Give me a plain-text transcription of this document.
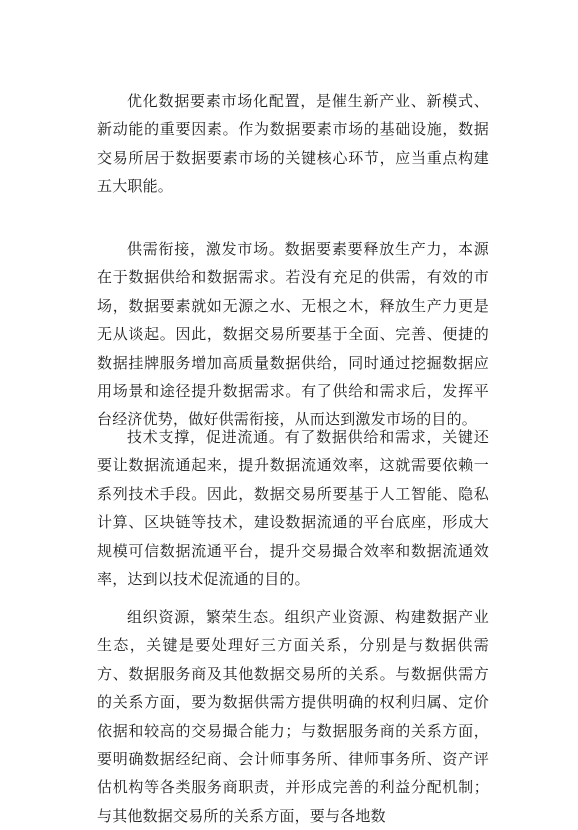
优化数据要素市场化配置，是催生新产业、新模式、新动能的重要因素。作为数据要素市场的基础设施，数据交易所居于数据要素市场的关键核心环节，应当重点构建五大职能。

供需衔接，激发市场。数据要素要释放生产力，本源在于数据供给和数据需求。若没有充足的供需，有效的市场，数据要素就如无源之水、无根之木，释放生产力更是无从谈起。因此，数据交易所要基于全面、完善、便捷的数据挂牌服务增加高质量数据供给，同时通过挖掘数据应用场景和途径提升数据需求。有了供给和需求后，发挥平台经济优势，做好供需衔接，从而达到激发市场的目的。

技术支撑，促进流通。有了数据供给和需求，关键还要让数据流通起来，提升数据流通效率，这就需要依赖一系列技术手段。因此，数据交易所要基于人工智能、隐私计算、区块链等技术，建设数据流通的平台底座，形成大规模可信数据流通平台，提升交易撮合效率和数据流通效率，达到以技术促流通的目的。

组织资源，繁荣生态。组织产业资源、构建数据产业生态，关键是要处理好三方面关系，分别是与数据供需方、数据服务商及其他数据交易所的关系。与数据供需方的关系方面，要为数据供需方提供明确的权利归属、定价依据和较高的交易撮合能力；与数据服务商的关系方面，要明确数据经纪商、会计师事务所、律师事务所、资产评估机构等各类服务商职责，并形成完善的利益分配机制；与其他数据交易所的关系方面，要与各地数
